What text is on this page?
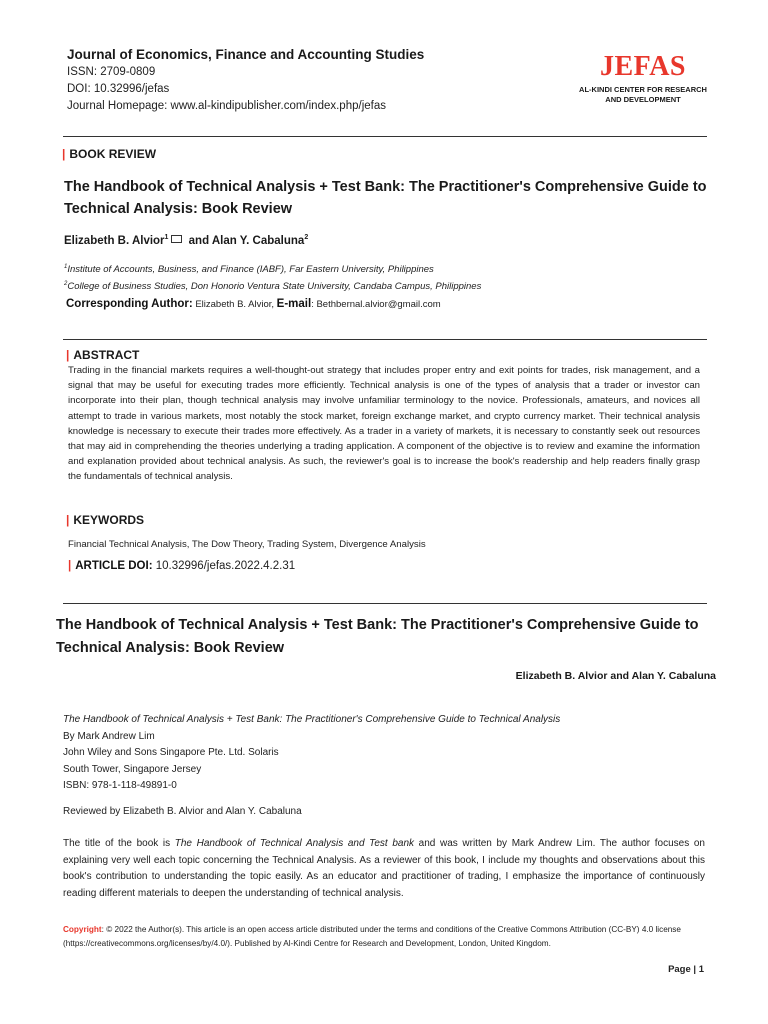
Journal of Economics, Finance and Accounting Studies
ISSN: 2709-0809
DOI: 10.32996/jefas
Journal Homepage: www.al-kindipublisher.com/index.php/jefas
JEFAS
AL-KINDI CENTER FOR RESEARCH
AND DEVELOPMENT
| BOOK REVIEW
The Handbook of Technical Analysis + Test Bank: The Practitioner's Comprehensive Guide to Technical Analysis: Book Review
Elizabeth B. Alvior$^1$ and Alan Y. Cabaluna$^2$
$^1$Institute of Accounts, Business, and Finance (IABF), Far Eastern University, Philippines
$^2$College of Business Studies, Don Honorio Ventura State University, Candaba Campus, Philippines
Corresponding Author: Elizabeth B. Alvior, E-mail: Bethbernal.alvior@gmail.com
| ABSTRACT
Trading in the financial markets requires a well-thought-out strategy that includes proper entry and exit points for trades, risk management, and a signal that may be useful for executing trades more efficiently. Technical analysis is one of the types of analysis that a trader or investor can incorporate into their plan, though technical analysis may involve unfamiliar terminology to the novice. Professionals, amateurs, and novices all attempt to trade in various markets, most notably the stock market, foreign exchange market, and crypto currency market. Their technical analysis knowledge is necessary to execute their trades more effectively. As a trader in a variety of markets, it is necessary to constantly seek out resources that may aid in comprehending the theories underlying a trading application. A component of the objective is to review and examine the information and explanation provided about technical analysis. As such, the reviewer's goal is to increase the book's readership and help readers finally grasp the fundamentals of technical analysis.
| KEYWORDS
Financial Technical Analysis, The Dow Theory, Trading System, Divergence Analysis
| ARTICLE DOI: 10.32996/jefas.2022.4.2.31
The Handbook of Technical Analysis + Test Bank: The Practitioner's Comprehensive Guide to Technical Analysis: Book Review
Elizabeth B. Alvior and Alan Y. Cabaluna
The Handbook of Technical Analysis + Test Bank: The Practitioner's Comprehensive Guide to Technical Analysis
By Mark Andrew Lim
John Wiley and Sons Singapore Pte. Ltd. Solaris
South Tower, Singapore Jersey
ISBN: 978-1-118-49891-0
Reviewed by Elizabeth B. Alvior and Alan Y. Cabaluna
The title of the book is The Handbook of Technical Analysis and Test bank and was written by Mark Andrew Lim. The author focuses on explaining very well each topic concerning the Technical Analysis. As a reviewer of this book, I include my thoughts and observations about this book's contribution to understanding the topic easily. As an educator and practitioner of trading, I emphasize the importance of continuously reading different materials to deepen the understanding of technical analysis.
Copyright: © 2022 the Author(s). This article is an open access article distributed under the terms and conditions of the Creative Commons Attribution (CC-BY) 4.0 license (https://creativecommons.org/licenses/by/4.0/). Published by Al-Kindi Centre for Research and Development, London, United Kingdom.
Page | 1
